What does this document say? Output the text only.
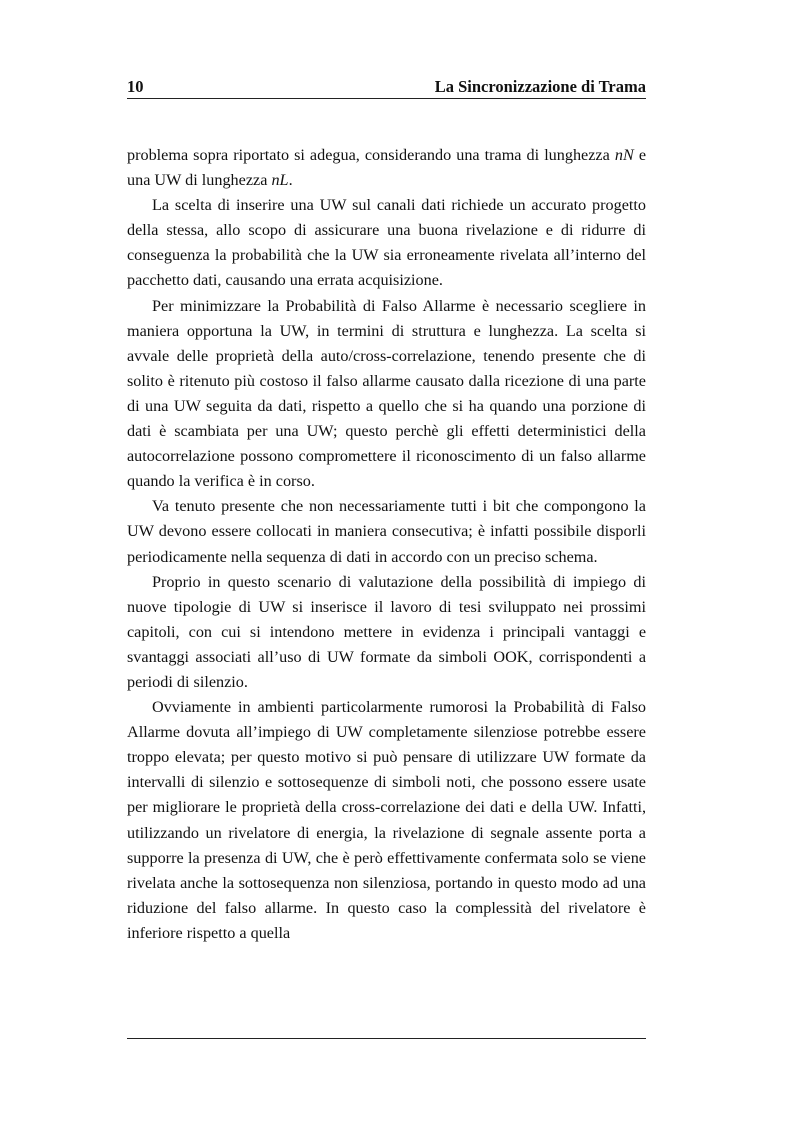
10	La Sincronizzazione di Trama

problema sopra riportato si adegua, considerando una trama di lunghezza nN e una UW di lunghezza nL.

La scelta di inserire una UW sul canali dati richiede un accurato progetto della stessa, allo scopo di assicurare una buona rivelazione e di ridurre di conseguenza la probabilità che la UW sia erroneamente rivelata all’interno del pacchetto dati, causando una errata acquisizione.

Per minimizzare la Probabilità di Falso Allarme è necessario scegliere in maniera opportuna la UW, in termini di struttura e lunghezza. La scelta si avvale delle proprietà della auto/cross-correlazione, tenendo presente che di solito è ritenuto più costoso il falso allarme causato dalla ricezione di una parte di una UW seguita da dati, rispetto a quello che si ha quando una porzione di dati è scambiata per una UW; questo perchè gli effetti deterministici della autocorrelazione possono compromettere il riconoscimento di un falso allarme quando la verifica è in corso.

Va tenuto presente che non necessariamente tutti i bit che compongono la UW devono essere collocati in maniera consecutiva; è infatti possibile disporli periodicamente nella sequenza di dati in accordo con un preciso schema.

Proprio in questo scenario di valutazione della possibilità di impiego di nuove tipologie di UW si inserisce il lavoro di tesi sviluppato nei prossimi capitoli, con cui si intendono mettere in evidenza i principali vantaggi e svantaggi associati all’uso di UW formate da simboli OOK, corrispondenti a periodi di silenzio.

Ovviamente in ambienti particolarmente rumorosi la Probabilità di Falso Allarme dovuta all’impiego di UW completamente silenziose potrebbe essere troppo elevata; per questo motivo si può pensare di utilizzare UW formate da intervalli di silenzio e sottosequenze di simboli noti, che possono essere usate per migliorare le proprietà della cross-correlazione dei dati e della UW. Infatti, utilizzando un rivelatore di energia, la rivelazione di segnale assente porta a supporre la presenza di UW, che è però effettivamente confermata solo se viene rivelata anche la sottosequenza non silenziosa, portando in questo modo ad una riduzione del falso allarme. In questo caso la complessità del rivelatore è inferiore rispetto a quella
